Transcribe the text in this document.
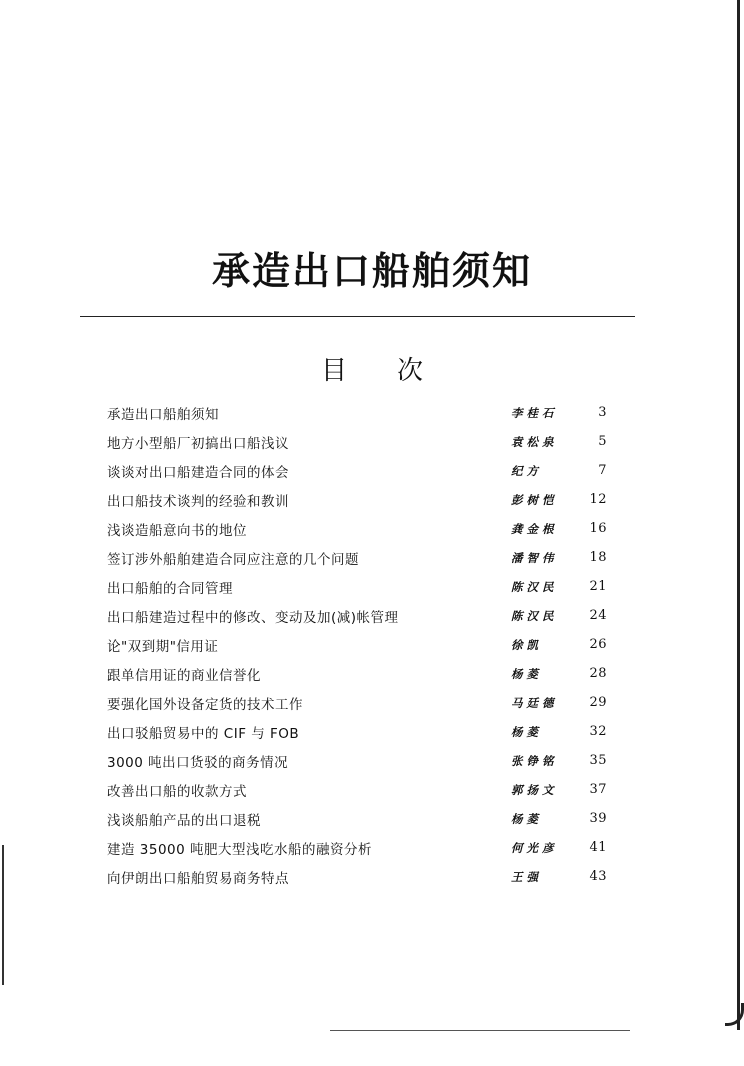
承造出口船舶须知
目次
承造出口船舶须知	李桂石	3
地方小型船厂初搞出口船浅议	袁松泉	5
谈谈对出口船建造合同的体会	纪方	7
出口船技术谈判的经验和教训	彭树恺	12
浅谈造船意向书的地位	龚金根	16
签订涉外船舶建造合同应注意的几个问题	潘智伟	18
出口船舶的合同管理	陈汉民	21
出口船建造过程中的修改、变动及加(减)帐管理	陈汉民	24
论"双到期"信用证	徐凯	26
跟单信用证的商业信誉化	杨菱	28
要强化国外设备定货的技术工作	马廷德	29
出口驳船贸易中的 CIF 与 FOB	杨菱	32
3000 吨出口货驳的商务情况	张铮铭	35
改善出口船的收款方式	郭扬文	37
浅谈船舶产品的出口退税	杨菱	39
建造 35000 吨肥大型浅吃水船的融资分析	何光彦	41
向伊朗出口船舶贸易商务特点	王强	43
